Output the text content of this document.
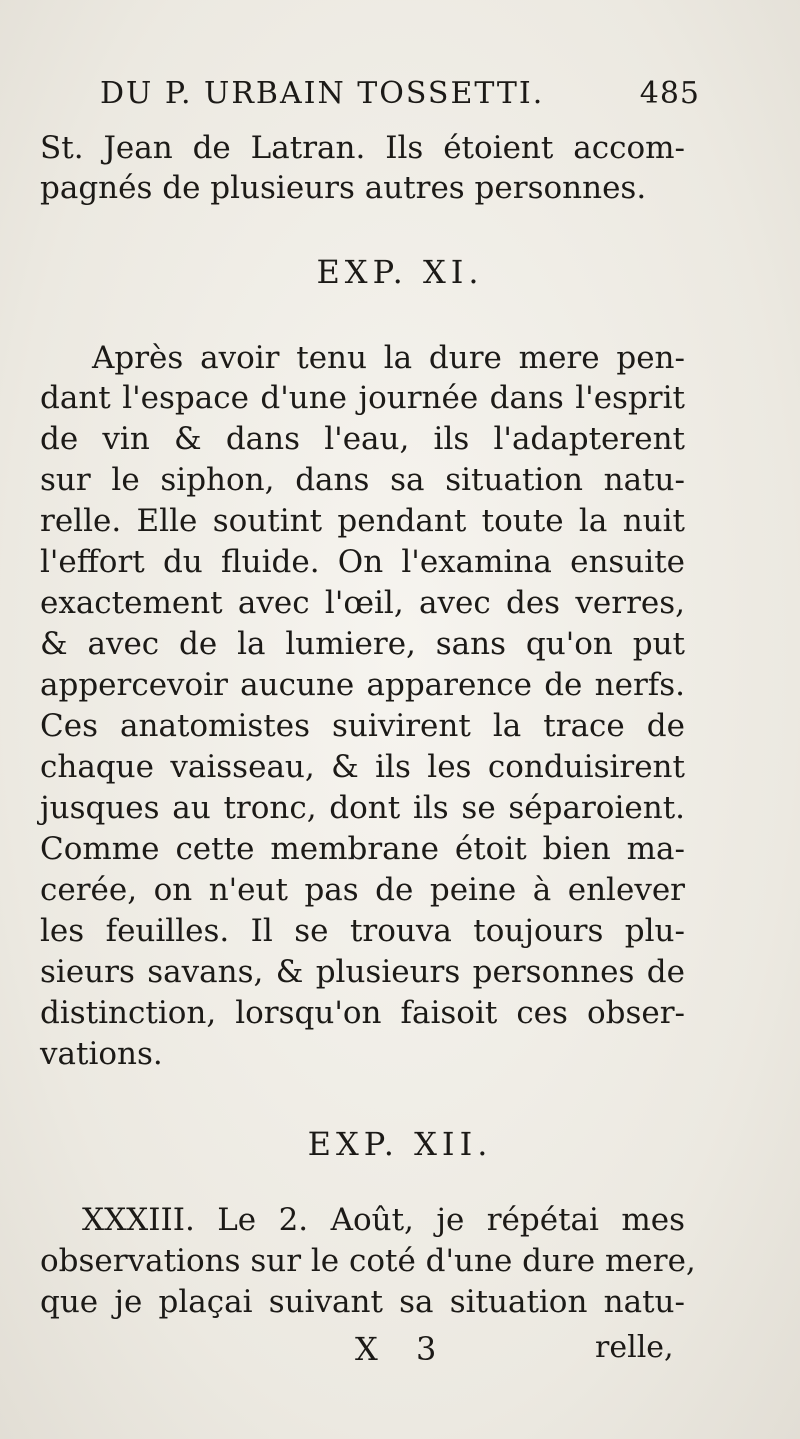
DU P. URBAIN TOSSETTI.	485
St. Jean de Latran. Ils étoient accom-
pagnés de plusieurs autres personnes.
EXP. XI.
Après avoir tenu la dure mere pen-
dant l'espace d'une journée dans l'esprit
de vin & dans l'eau, ils l'adapterent
sur le siphon, dans sa situation natu-
relle. Elle soutint pendant toute la nuit
l'effort du fluide. On l'examina ensuite
exactement avec l'œil, avec des verres,
& avec de la lumiere, sans qu'on put
appercevoir aucune apparence de nerfs.
Ces anatomistes suivirent la trace de
chaque vaisseau, & ils les conduisirent
jusques au tronc, dont ils se séparoient.
Comme cette membrane étoit bien ma-
cerée, on n'eut pas de peine à enlever
les feuilles. Il se trouva toujours plu-
sieurs savans, & plusieurs personnes de
distinction, lorsqu'on faisoit ces obser-
vations.
EXP. XII.
XXXIII. Le 2. Août, je répétai mes
observations sur le coté d'une dure mere,
que je plaçai suivant sa situation natu-
X 3	relle,
